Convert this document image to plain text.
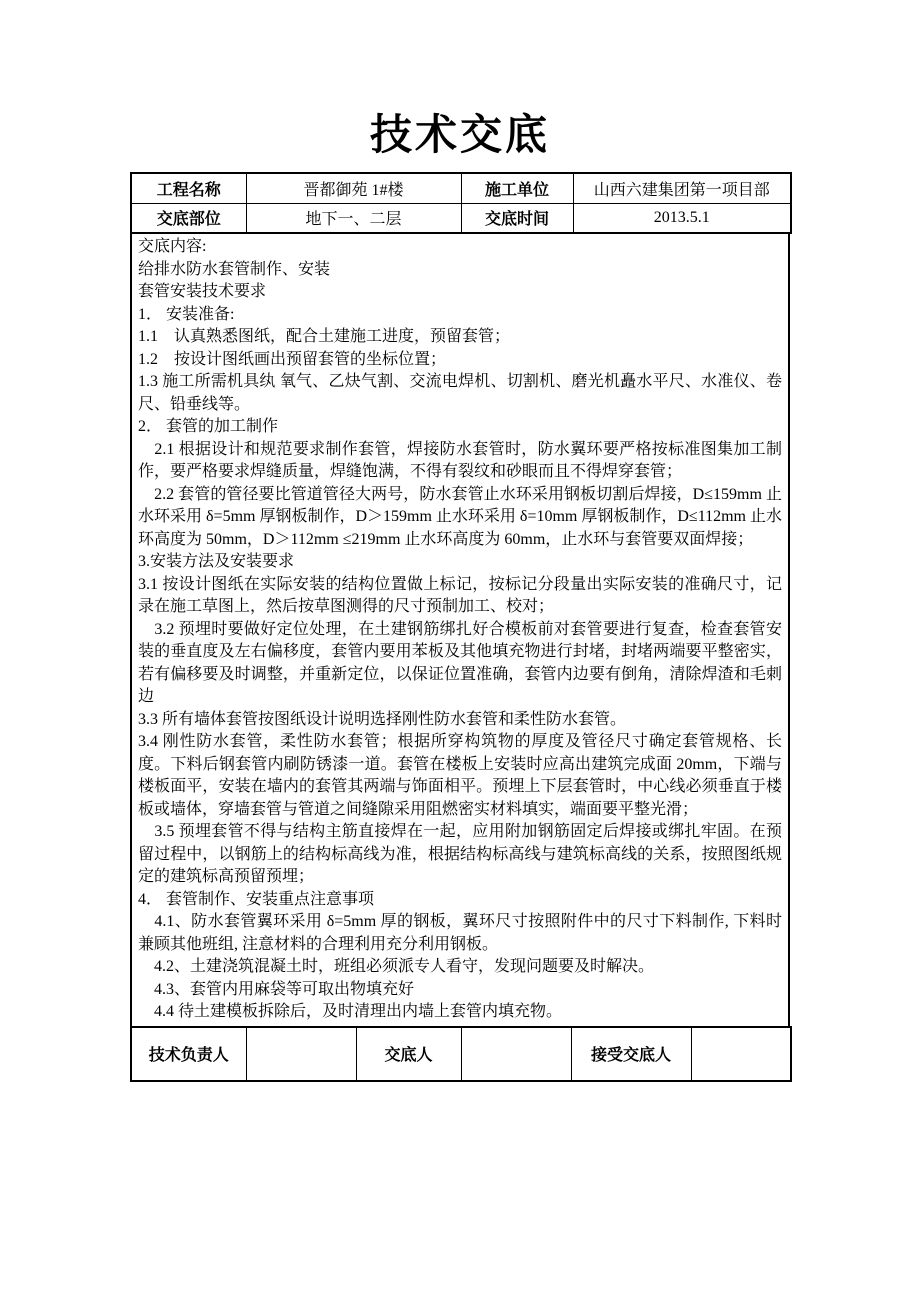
技术交底
工程名称	晋都御苑 1#楼	施工单位	山西六建集团第一项目部
交底部位	地下一、二层	交底时间	2013.5.1
交底内容:
给排水防水套管制作、安装
套管安装技术要求
1． 安装准备:
1.1　认真熟悉图纸，配合土建施工进度，预留套管；
1.2　按设计图纸画出预留套管的坐标位置；
1.3 施工所需机具纨 氧气、乙炔气割、交流电焊机、切割机、磨光机矗水平尺、水准仪、卷尺、铅垂线等。
2． 套管的加工制作
　2.1 根据设计和规范要求制作套管，焊接防水套管时，防水翼环要严格按标准图集加工制作，要严格要求焊缝质量，焊缝饱满，不得有裂纹和砂眼而且不得焊穿套管；
　2.2 套管的管径要比管道管径大两号，防水套管止水环采用钢板切割后焊接，D≤159mm 止水环采用 δ=5mm 厚钢板制作，D＞159mm 止水环采用 δ=10mm 厚钢板制作，D≤112mm 止水环高度为 50mm，D＞112mm ≤219mm 止水环高度为 60mm，止水环与套管要双面焊接；
3.安装方法及安装要求
3.1 按设计图纸在实际安装的结构位置做上标记，按标记分段量出实际安装的准确尺寸，记录在施工草图上，然后按草图测得的尺寸预制加工、校对；
　3.2 预埋时要做好定位处理，在土建钢筋绑扎好合模板前对套管要进行复查，检查套管安装的垂直度及左右偏移度，套管内要用苯板及其他填充物进行封堵，封堵两端要平整密实，若有偏移要及时调整，并重新定位，以保证位置准确，套管内边要有倒角，清除焊渣和毛刺边
3.3 所有墙体套管按图纸设计说明选择刚性防水套管和柔性防水套管。
3.4 刚性防水套管，柔性防水套管；根据所穿构筑物的厚度及管径尺寸确定套管规格、长度。下料后钢套管内刷防锈漆一道。套管在楼板上安装时应高出建筑完成面 20mm，下端与楼板面平，安装在墙内的套管其两端与饰面相平。预埋上下层套管时，中心线必须垂直于楼板或墙体，穿墙套管与管道之间缝隙采用阻燃密实材料填实，端面要平整光滑；
　3.5 预埋套管不得与结构主筋直接焊在一起，应用附加钢筋固定后焊接或绑扎牢固。在预留过程中，以钢筋上的结构标高线为准，根据结构标高线与建筑标高线的关系，按照图纸规定的建筑标高预留预埋；
4． 套管制作、安装重点注意事项
　4.1、防水套管翼环采用 δ=5mm 厚的钢板，翼环尺寸按照附件中的尺寸下料制作, 下料时兼顾其他班组, 注意材料的合理利用充分利用钢板。
　4.2、土建浇筑混凝土时，班组必须派专人看守，发现问题要及时解决。
　4.3、套管内用麻袋等可取出物填充好
　4.4 待土建模板拆除后，及时清理出内墙上套管内填充物。
技术负责人		交底人		接受交底人	
